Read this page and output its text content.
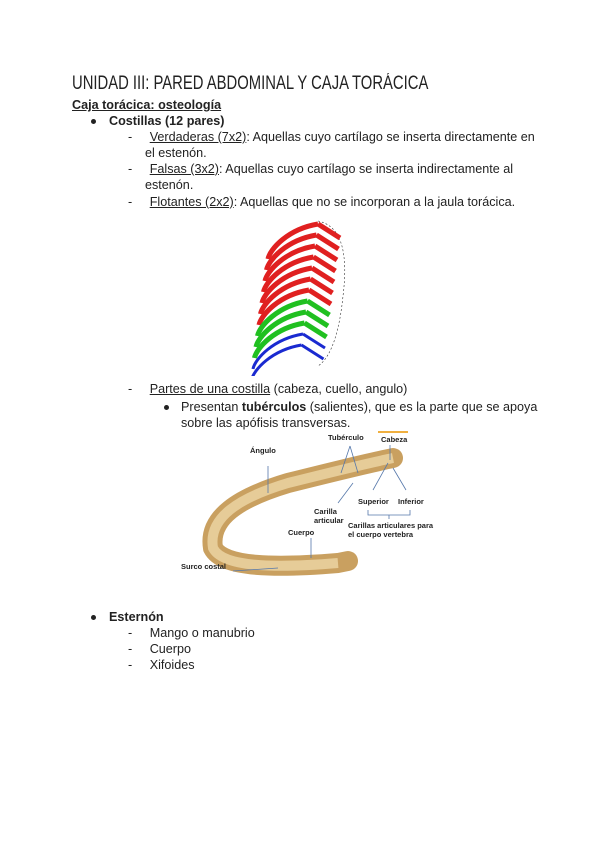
UNIDAD III: PARED ABDOMINAL Y CAJA TORÁCICA
Caja torácica: osteología
Costillas (12 pares)
-     Verdaderas (7x2): Aquellas cuyo cartílago se inserta directamente en
el estenón.
-     Falsas (3x2): Aquellas cuyo cartílago se inserta indirectamente al
estenón.
-     Flotantes (2x2): Aquellas que no se incorporan a la jaula torácica.
-     Partes de una costilla (cabeza, cuello, angulo)
Presentan tubérculos (salientes), que es la parte que se apoya
sobre las apófisis transversas.
Ángulo
Tubérculo Cabeza
Carilla
articular
Superior Inferior
Carillas articulares para
el cuerpo vertebra
Cuerpo
Surco costal
Esternón
-     Mango o manubrio
-     Cuerpo
-     Xifoides
